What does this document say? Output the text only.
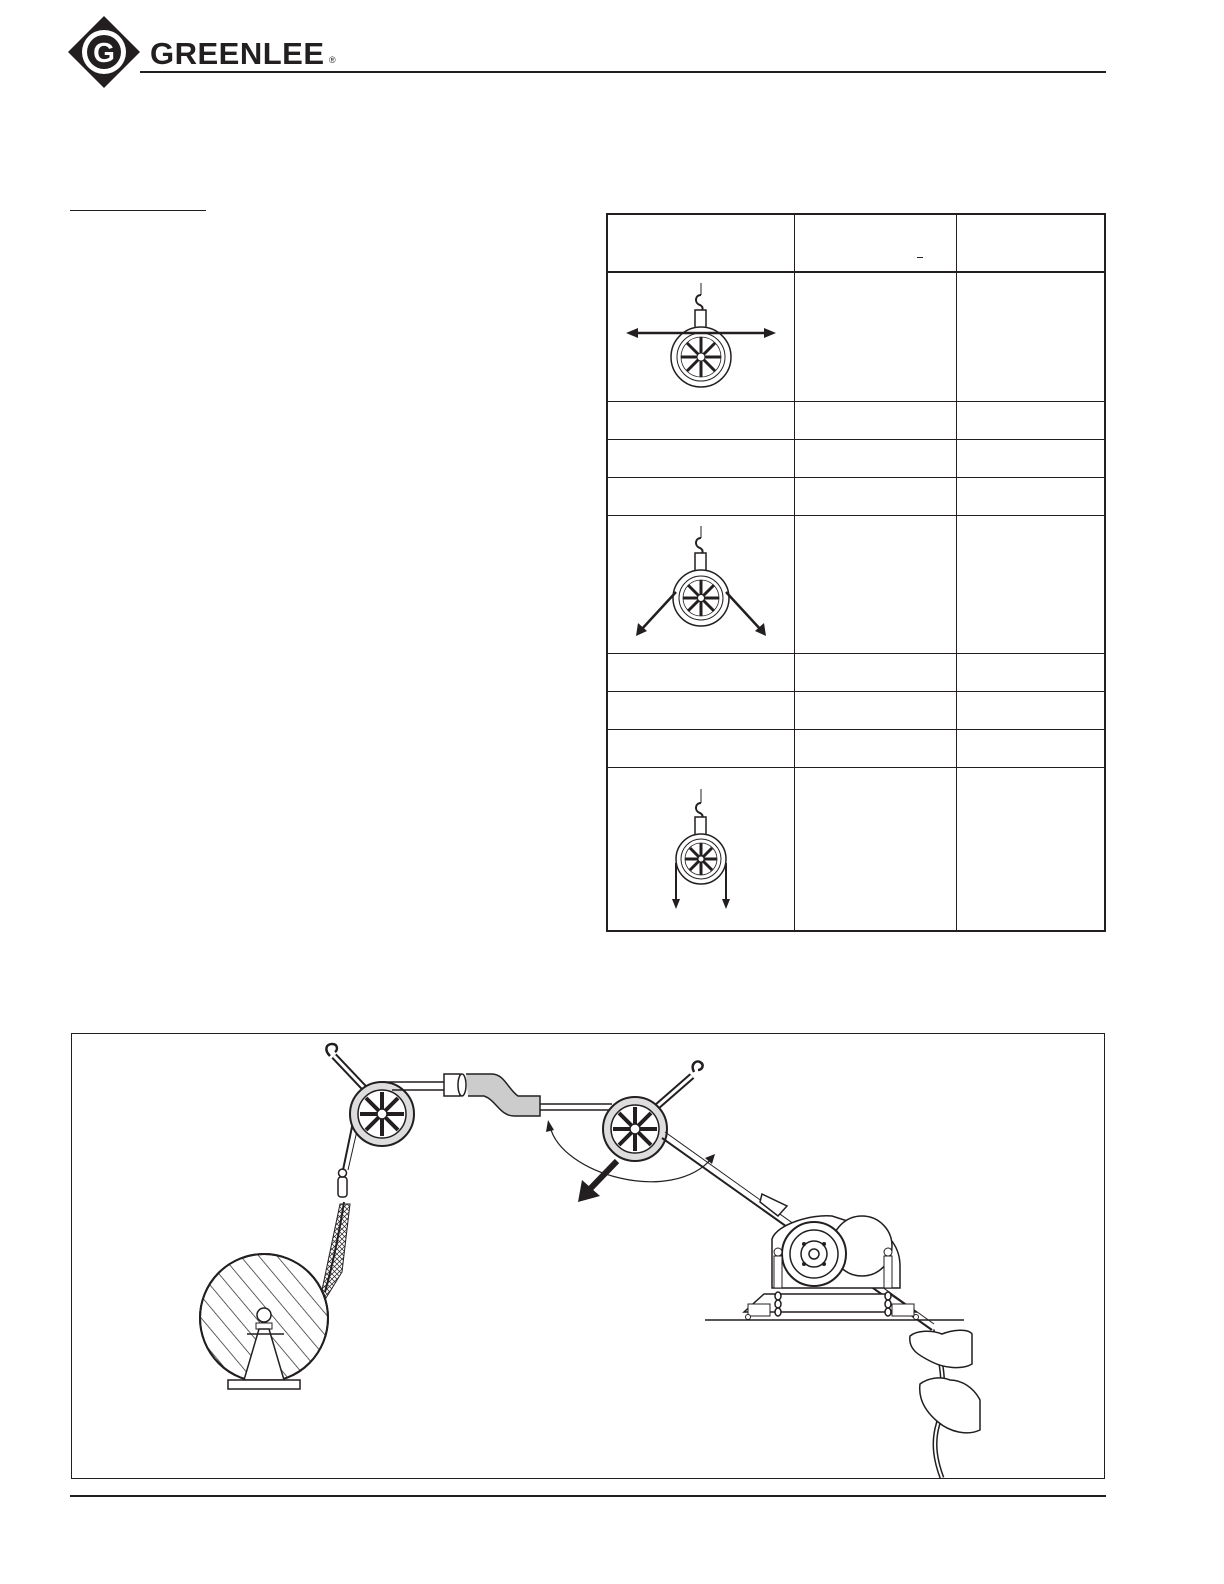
G GREENLEE ®
